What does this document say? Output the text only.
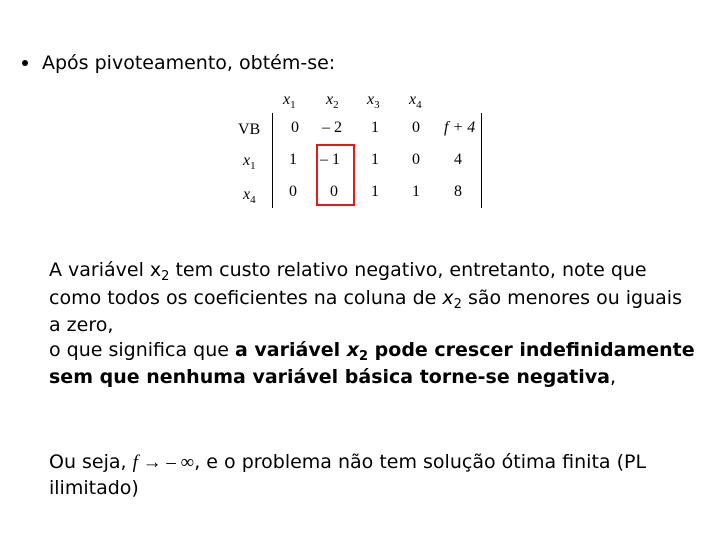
Após pivoteamento, obtém-se:
$x_1$ $x_2$ $x_3$ $x_4$
VB 0 – 2 1 0 f + 4
$x_1$ 1 – 1 1 0 4
$x_4$ 0 0 1 1 8
A variável $x_2$ tem custo relativo negativo, entretanto, note que
como todos os coeficientes na coluna de $x_2$ são menores ou iguais
a zero,
o que significa que a variável $x_2$ pode crescer indefinidamente
sem que nenhuma variável básica torne-se negativa,
Ou seja, f → – ∞, e o problema não tem solução ótima finita (PL
ilimitado)
